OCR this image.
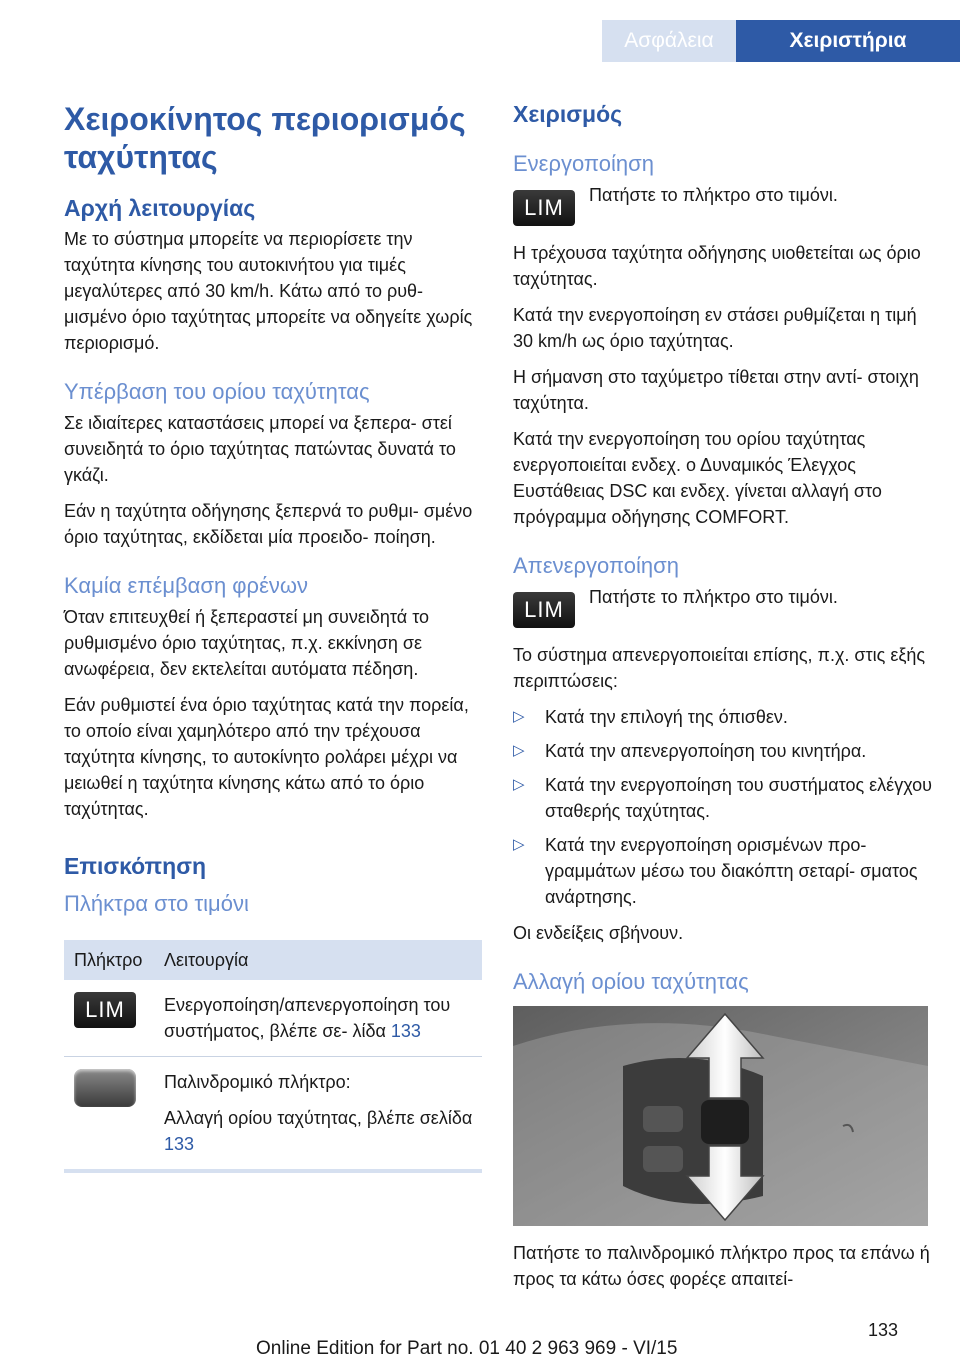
Ασφάλεια	Χειριστήρια
Χειροκίνητος περιορισμός ταχύτητας
Αρχή λειτουργίας

Με το σύστημα μπορείτε να περιορίσετε την ταχύτητα κίνησης του αυτοκινήτου για τιμές μεγαλύτερες από 30 km/h. Κάτω από το ρυθ‐ μισμένο όριο ταχύτητας μπορείτε να οδηγείτε χωρίς περιορισμό.

Υπέρβαση του ορίου ταχύτητας

Σε ιδιαίτερες καταστάσεις μπορεί να ξεπερα‐ στεί συνειδητά το όριο ταχύτητας πατώντας δυνατά το γκάζι.

Εάν η ταχύτητα οδήγησης ξεπερνά το ρυθμι‐ σμένο όριο ταχύτητας, εκδίδεται μία προειδο‐ ποίηση.

Καμία επέμβαση φρένων

Όταν επιτευχθεί ή ξεπεραστεί μη συνειδητά το ρυθμισμένο όριο ταχύτητας, π.χ. εκκίνηση σε ανωφέρεια, δεν εκτελείται αυτόματα πέδηση.

Εάν ρυθμιστεί ένα όριο ταχύτητας κατά την πορεία, το οποίο είναι χαμηλότερο από την τρέχουσα ταχύτητα κίνησης, το αυτοκίνητο ρολάρει μέχρι να μειωθεί η ταχύτητα κίνησης κάτω από το όριο ταχύτητας.

Επισκόπηση
Πλήκτρα στο τιμόνι
Πλήκτρο	Λειτουργία
LIM	Ενεργοποίηση/απενεργοποίηση του συστήματος, βλέπε σε‐ λίδα 133

	Παλινδρομικό πλήκτρο:

Αλλαγή ορίου ταχύτητας, βλέπε σελίδα 133

Χειρισμός
Ενεργοποίηση
LIM	Πατήστε το πλήκτρο στο τιμόνι.

Η τρέχουσα ταχύτητα οδήγησης υιοθετείται ως όριο ταχύτητας.

Κατά την ενεργοποίηση εν στάσει ρυθμίζεται η τιμή 30 km/h ως όριο ταχύτητας.

Η σήμανση στο ταχύμετρο τίθεται στην αντί‐ στοιχη ταχύτητα.

Κατά την ενεργοποίηση του ορίου ταχύτητας ενεργοποιείται ενδεχ. ο Δυναμικός Έλεγχος Ευστάθειας DSC και ενδεχ. γίνεται αλλαγή στο πρόγραμμα οδήγησης COMFORT.

Απενεργοποίηση
LIM	Πατήστε το πλήκτρο στο τιμόνι.

Το σύστημα απενεργοποιείται επίσης, π.χ. στις εξής περιπτώσεις:

▷ Κατά την επιλογή της όπισθεν.
▷ Κατά την απενεργοποίηση του κινητήρα.
▷ Κατά την ενεργοποίηση του συστήματος ελέγχου σταθερής ταχύτητας.
▷ Κατά την ενεργοποίηση ορισμένων προ‐ γραμμάτων μέσω του διακόπτη σεταρί‐ σματος ανάρτησης.

Οι ενδείξεις σβήνουν.

Αλλαγή ορίου ταχύτητας

Πατήστε το παλινδρομικό πλήκτρο προς τα επάνω ή προς τα κάτω όσες φορέςε απαιτεί‐

133
Online Edition for Part no. 01 40 2 963 969 - VI/15
